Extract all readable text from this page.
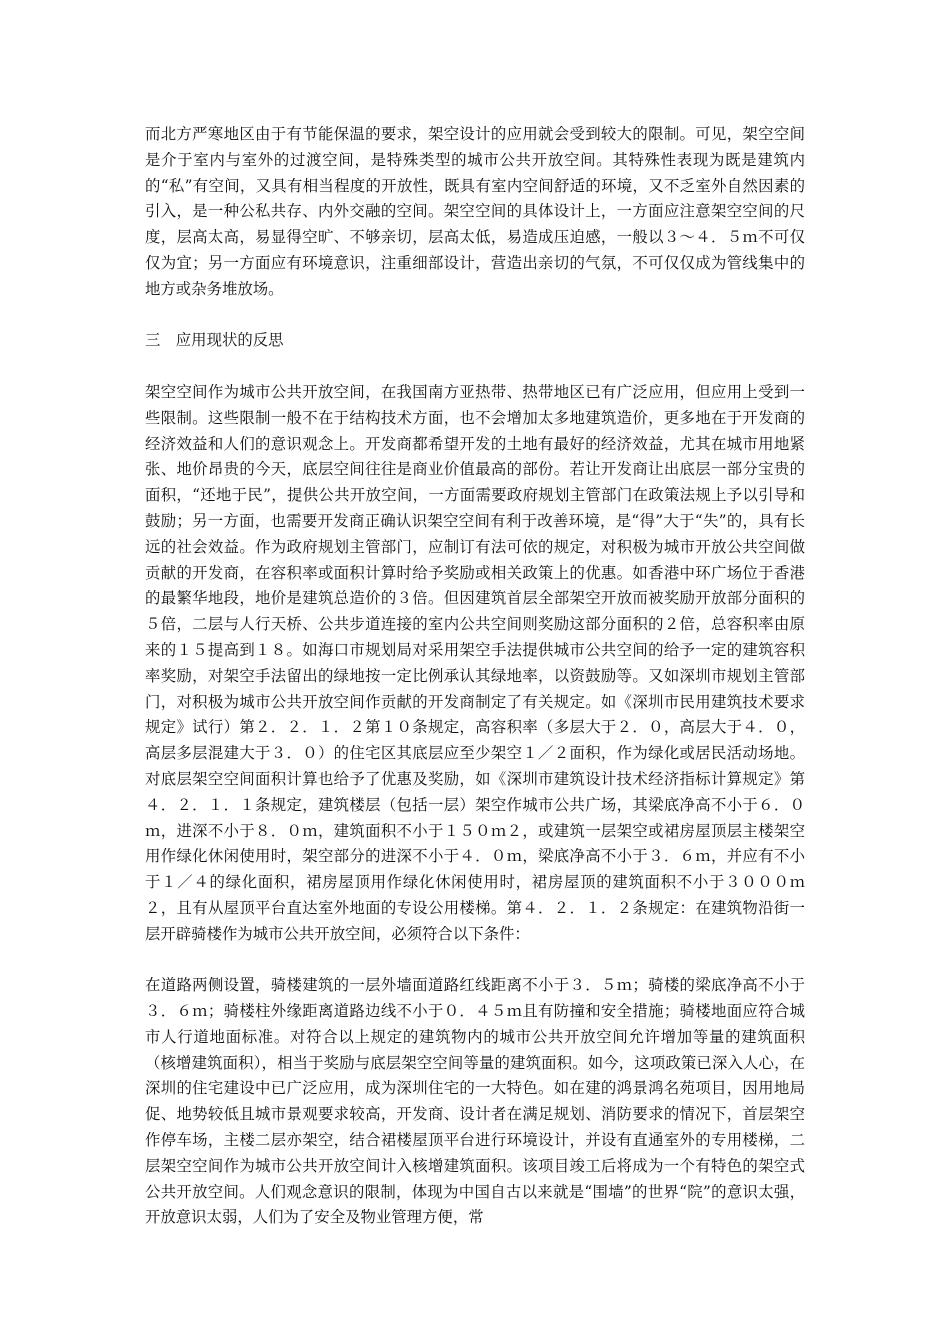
而北方严寒地区由于有节能保温的要求，架空设计的应用就会受到较大的限制。可见，架空空间是介于室内与室外的过渡空间，是特殊类型的城市公共开放空间。其特殊性表现为既是建筑内的“私”有空间，又具有相当程度的开放性，既具有室内空间舒适的环境，又不乏室外自然因素的引入，是一种公私共存、内外交融的空间。架空空间的具体设计上，一方面应注意架空空间的尺度，层高太高，易显得空旷、不够亲切，层高太低，易造成压迫感，一般以３～４．５ｍ不可仅仅为宜；另一方面应有环境意识，注重细部设计，营造出亲切的气氛，不可仅仅成为管线集中的地方或杂务堆放场。

三　应用现状的反思

架空空间作为城市公共开放空间，在我国南方亚热带、热带地区已有广泛应用，但应用上受到一些限制。这些限制一般不在于结构技术方面，也不会增加太多地建筑造价，更多地在于开发商的经济效益和人们的意识观念上。开发商都希望开发的土地有最好的经济效益，尤其在城市用地紧张、地价昂贵的今天，底层空间往往是商业价值最高的部份。若让开发商让出底层一部分宝贵的面积，“还地于民”，提供公共开放空间，一方面需要政府规划主管部门在政策法规上予以引导和鼓励；另一方面，也需要开发商正确认识架空空间有利于改善环境，是“得”大于“失”的，具有长远的社会效益。作为政府规划主管部门，应制订有法可依的规定，对积极为城市开放公共空间做贡献的开发商，在容积率或面积计算时给予奖励或相关政策上的优惠。如香港中环广场位于香港的最繁华地段，地价是建筑总造价的３倍。但因建筑首层全部架空开放而被奖励开放部分面积的５倍，二层与人行天桥、公共步道连接的室内公共空间则奖励这部分面积的２倍，总容积率由原来的１５提高到１８。如海口市规划局对采用架空手法提供城市公共空间的给予一定的建筑容积率奖励，对架空手法留出的绿地按一定比例承认其绿地率，以资鼓励等。又如深圳市规划主管部门，对积极为城市公共开放空间作贡献的开发商制定了有关规定。如《深圳市民用建筑技术要求规定》试行）第２．２．１．２第１０条规定，高容积率（多层大于２．０，高层大于４．０，高层多层混建大于３．０）的住宅区其底层应至少架空１／２面积，作为绿化或居民活动场地。对底层架空空间面积计算也给予了优惠及奖励，如《深圳市建筑设计技术经济指标计算规定》第４．２．１．１条规定，建筑楼层（包括一层）架空作城市公共广场，其梁底净高不小于６．０ｍ，进深不小于８．０ｍ，建筑面积不小于１５０ｍ２，或建筑一层架空或裙房屋顶层主楼架空　用作绿化休闲使用时，架空部分的进深不小于４．０ｍ，梁底净高不小于３．６ｍ，并应有不小于１／４的绿化面积，裙房屋顶用作绿化休闲使用时，裙房屋顶的建筑面积不小于３０００ｍ２，且有从屋顶平台直达室外地面的专设公用楼梯。第４．２．１．２条规定：在建筑物沿街一层开辟骑楼作为城市公共开放空间，必须符合以下条件：

在道路两侧设置，骑楼建筑的一层外墙面道路红线距离不小于３．５ｍ；骑楼的梁底净高不小于３．６ｍ；骑楼柱外缘距离道路边线不小于０．４５ｍ且有防撞和安全措施；骑楼地面应符合城市人行道地面标准。对符合以上规定的建筑物内的城市公共开放空间允许增加等量的建筑面积（核增建筑面积），相当于奖励与底层架空空间等量的建筑面积。如今，这项政策已深入人心，在深圳的住宅建设中已广泛应用，成为深圳住宅的一大特色。如在建的鸿景鸿名苑项目，因用地局促、地势较低且城市景观要求较高，开发商、设计者在满足规划、消防要求的情况下，首层架空作停车场，主楼二层亦架空，结合裙楼屋顶平台进行环境设计，并设有直通室外的专用楼梯，二层架空空间作为城市公共开放空间计入核增建筑面积。该项目竣工后将成为一个有特色的架空式公共开放空间。人们观念意识的限制，体现为中国自古以来就是“围墙”的世界“院”的意识太强，开放意识太弱，人们为了安全及物业管理方便，常
